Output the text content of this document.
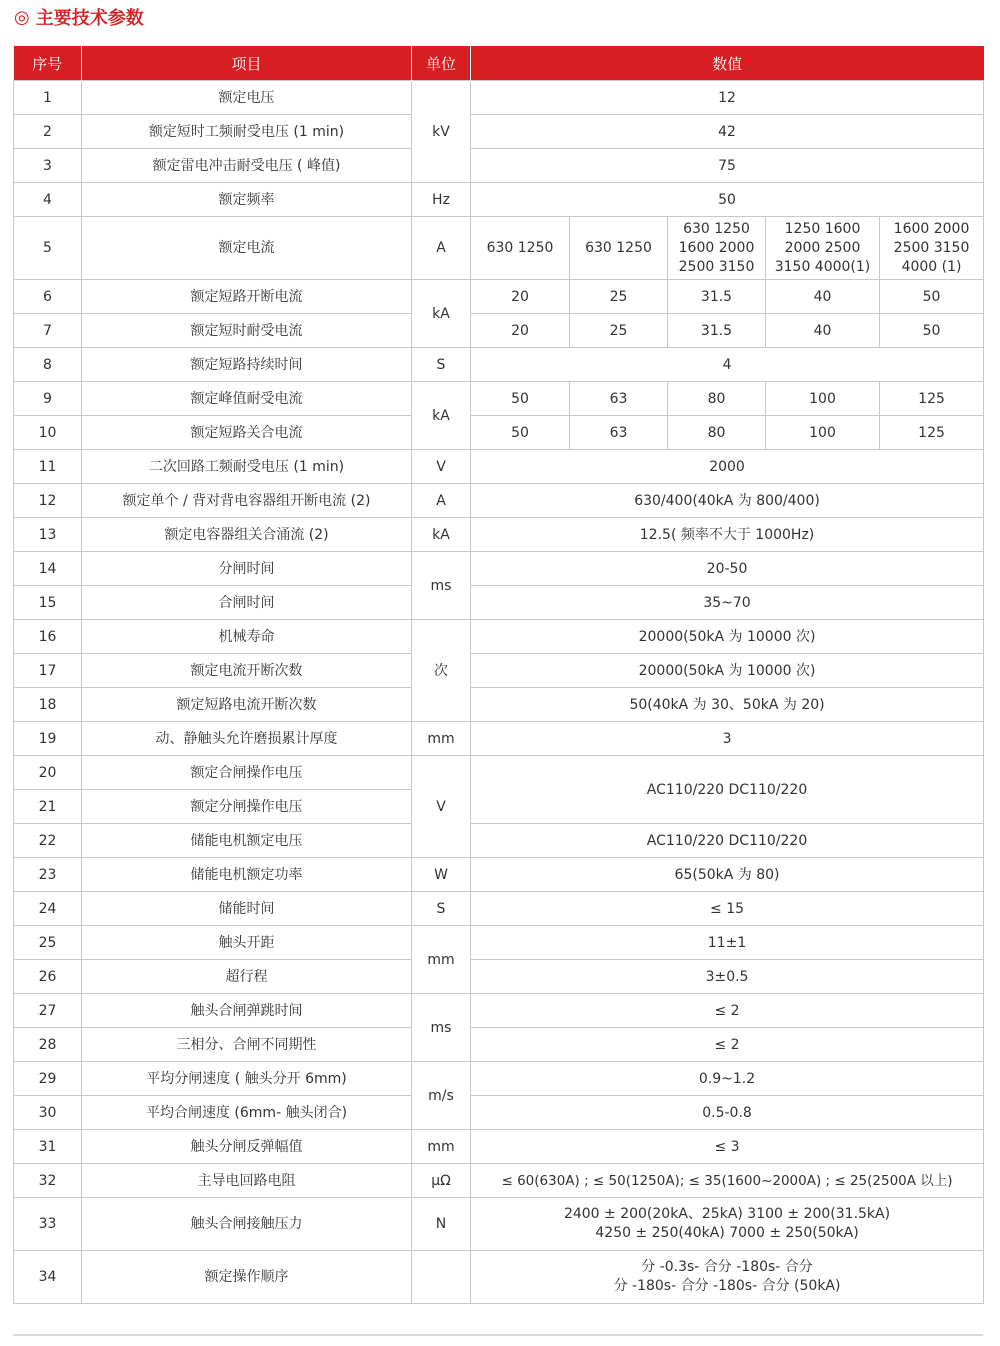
◎ 主要技术参数
序号	项目	单位	数值				
1	额定电压	kV	12				
2	额定短时工频耐受电压 (1 min)		42				
3	额定雷电冲击耐受电压 ( 峰值)		75				
4	额定频率	Hz	50				
5	额定电流	A	630 1250	630 1250	630 1250
1600 2000
2500 3150	1250 1600
2000 2500
3150 4000(1)	1600 2000
2500 3150
4000 (1)
6	额定短路开断电流	kA	20	25	31.5	40	50
7	额定短时耐受电流		20	25	31.5	40	50
8	额定短路持续时间	S	4				
9	额定峰值耐受电流	kA	50	63	80	100	125
10	额定短路关合电流		50	63	80	100	125
11	二次回路工频耐受电压 (1 min)	V	2000				
12	额定单个 / 背对背电容器组开断电流 (2)	A	630/400(40kA 为 800/400)				
13	额定电容器组关合涌流 (2)	kA	12.5( 频率不大于 1000Hz)				
14	分闸时间	ms	20-50				
15	合闸时间		35~70				
16	机械寿命	次	20000(50kA 为 10000 次)				
17	额定电流开断次数		20000(50kA 为 10000 次)				
18	额定短路电流开断次数		50(40kA 为 30、50kA 为 20)				
19	动、静触头允许磨损累计厚度	mm	3				
20	额定合闸操作电压	V	AC110/220 DC110/220				
21	额定分闸操作电压						
22	储能电机额定电压		AC110/220 DC110/220				
23	储能电机额定功率	W	65(50kA 为 80)				
24	储能时间	S	≤ 15				
25	触头开距	mm	11±1				
26	超行程		3±0.5				
27	触头合闸弹跳时间	ms	≤ 2				
28	三相分、合闸不同期性		≤ 2				
29	平均分闸速度 ( 触头分开 6mm)	m/s	0.9~1.2				
30	平均合闸速度 (6mm- 触头闭合)		0.5-0.8				
31	触头分闸反弹幅值	mm	≤ 3				
32	主导电回路电阻	μΩ	≤ 60(630A) ; ≤ 50(1250A); ≤ 35(1600~2000A) ; ≤ 25(2500A 以上)				
33	触头合闸接触压力	N	2400 ± 200(20kA、25kA) 3100 ± 200(31.5kA)
4250 ± 250(40kA) 7000 ± 250(50kA)				
34	额定操作顺序		分 -0.3s- 合分 -180s- 合分
分 -180s- 合分 -180s- 合分 (50kA)				
